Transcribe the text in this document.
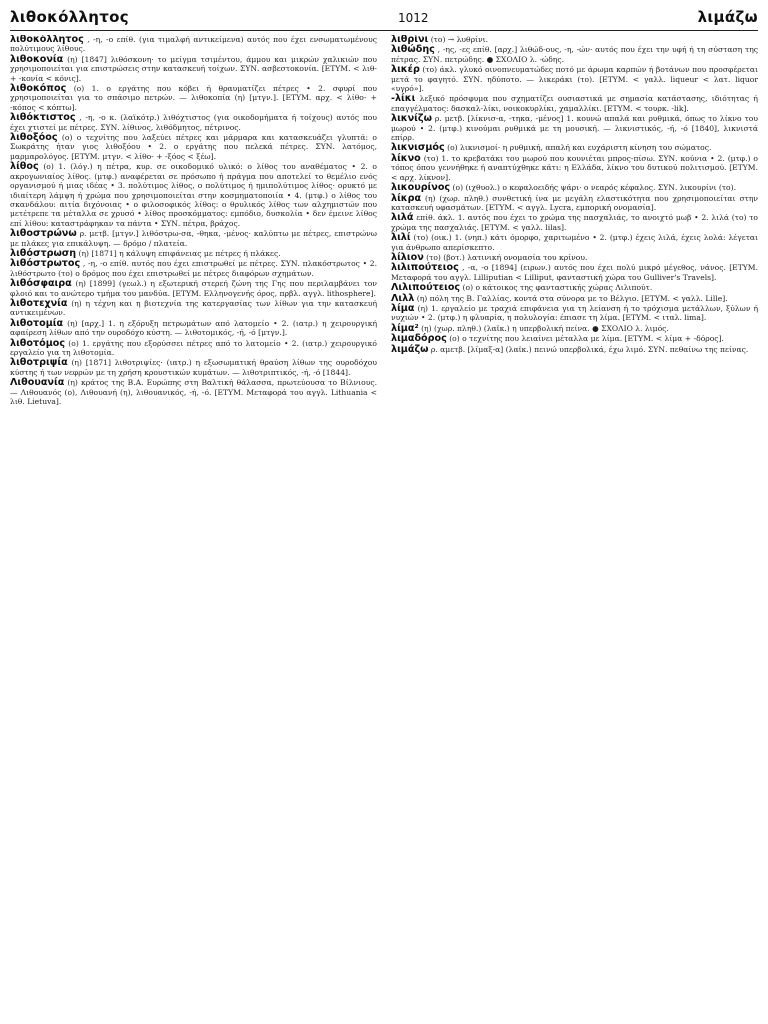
λιθοκόλλητος	1012	λιμάζω

λιθοκόλλητος , -η, -ο επίθ. (για τιμαλφή αντικείμενα) αυτός που έχει ενσωματωμένους πολύτιμους λίθους.

λιθοκονία (η) [1847] λιθόσκονη· το μείγμα τσιμέντου, άμμου και μικρών χαλικιών που χρησιμοποιείται για επιστρώσεις στην κατασκευή τοίχων. ΣΥΝ. ασβεστοκονία. [ΕΤΥΜ. < λιθ- + -κονία < κόνις].

λιθοκόπος (ο) 1. ο εργάτης που κόβει ή θραυματίζει πέτρες • 2. σφυρί που χρησιμοποιείται για το σπάσιμο πετρών. — λιθοκοπία (η) [μτγν.]. [ΕΤΥΜ. αρχ. < λίθο- + -κόπος < κόπτω].

λιθόκτιστος , -η, -ο κ. (λαϊκότρ.) λιθόχτιστος (για οικοδομήματα ή τοίχους) αυτός που έχει χτιστεί με πέτρες. ΣΥΝ. λίθινος, λιθόδμητος, πέτρινος.

λιθοξόος (ο) ο τεχνίτης που λαξεύει πέτρες και μάρμαρα και κατασκευάζει γλυπτά: ο Σωκράτης ήταν γιος λιθοξόου • 2. ο εργάτης που πελεκά πέτρες. ΣΥΝ. λατόμος, μαρμαρολόγος. [ΕΤΥΜ. μτγν. < λίθο- + -ξόος < ξέω].

λίθος (ο) 1. (λόγ.) η πέτρα, κυρ. σε οικοδομικό υλικό: ο λίθος του αναθέματος • 2. ο ακρογωνιαίος λίθος. (μτφ.) αναφέρεται σε πρόσωπο ή πράγμα που αποτελεί το θεμέλιο ενός οργανισμού ή μιας ιδέας • 3. πολύτιμος λίθος, ο πολύτιμος ή ημιπολύτιμος λίθος· ορυκτό με ιδιαίτερη λάμψη ή χρώμα που χρησιμοποιείται στην κοσμηματοποιία • 4. (μτφ.) ο λίθος του σκανδάλου: αιτία διχόνοιας • ο φιλοσοφικός λίθος: ο θρυλικός λίθος των αλχημιστών που μετέτρεπε τα μέταλλα σε χρυσό • λίθος προσκόμματος: εμπόδιο, δυσκολία • δεν έμεινε λίθος επί λίθου: καταστράφηκαν τα πάντα • ΣΥΝ. πέτρα, βράχος.

λιθοστρώνω ρ. μετβ. [μτγν.] λιθόστρω-σα, -θηκα, -μένος· καλύπτω με πέτρες, επιστρώνω με πλάκες για επικάλυψη. — δρόμο / πλατεία.

λιθόστρωση (η) [1871] η κάλυψη επιφάνειας με πέτρες ή πλάκες.

λιθόστρωτος , -η, -ο επίθ. αυτός που έχει επιστρωθεί με πέτρες. ΣΥΝ. πλακόστρωτος • 2. λιθόστρωτο (το) ο δρόμος που έχει επιστρωθεί με πέτρες διαφόρων σχημάτων.

λιθόσφαιρα (η) [1899] (γεωλ.) η εξωτερική στερεή ζώνη της Γης που περιλαμβάνει τον φλοιό και το ανώτερο τμήμα του μανδύα. [ΕΤΥΜ. Ελληνογενής όρος, πρβλ. αγγλ. lithosphere].

λιθοτεχνία (η) η τέχνη και η βιοτεχνία της κατεργασίας των λίθων για την κατασκευή αντικειμένων.

λιθοτομία (η) [αρχ.] 1. η εξόρυξη πετρωμάτων από λατομείο • 2. (ιατρ.) η χειρουργική αφαίρεση λίθων από την ουροδόχο κύστη. — λιθοτομικός, -ή, -ό [μτγν.].

λιθοτόμος (ο) 1. εργάτης που εξορύσσει πέτρες από το λατομείο • 2. (ιατρ.) χειρουργικό εργαλείο για τη λιθοτομία.

λιθοτριψία (η) [1871] λιθοτριψίες· (ιατρ.) η εξωσωματική θραύση λίθων της ουροδόχου κύστης ή των νεφρών με τη χρήση κρουστικών κυμάτων. — λιθοτριπτικός, -ή, -ό [1844].

Λιθουανία (η) κράτος της Β.Α. Ευρώπης στη Βαλτική θάλασσα, πρωτεύουσα το Βίλνιους. — Λιθουανός (ο), Λιθουανή (η), λιθουανικός, -ή, -ό. [ΕΤΥΜ. Μεταφορά του αγγλ. Lithuania < λιθ. Lietuva].

λιθρίνι (το) → λυθρίνι.

λιθώδης , -ης, -ες επίθ. [αρχ.] λιθώδ-ους, -η, -ών· αυτός που έχει την υφή ή τη σύσταση της πέτρας. ΣΥΝ. πετρώδης. ● ΣΧΟΛΙΟ λ. -ώδης.

λικέρ (το) άκλ. γλυκό οινοπνευματώδες ποτό με άρωμα καρπών ή βοτάνων που προσφέρεται μετά το φαγητό. ΣΥΝ. ηδύποτο. — λικεράκι (το). [ΕΤΥΜ. < γαλλ. liqueur < λατ. liquor «υγρό»].

-λίκι λεξικό πρόσφυμα που σχηματίζει ουσιαστικά με σημασία κατάστασης, ιδιότητας ή επαγγέλματος: δασκαλ-λίκι, νοικοκυρλίκι, χαμαλλίκι. [ΕΤΥΜ. < τουρκ. -lik].

λικνίζω ρ. μετβ. [λίκνισ-α, -τηκα, -μένος] 1. κουνώ απαλά και ρυθμικά, όπως το λίκνο του μωρού • 2. (μτφ.) κινούμαι ρυθμικά με τη μουσική. — λικνιστικός, -ή, -ό [1840], λικνιστά επίρρ.

λικνισμός (ο) λικνισμοί· η ρυθμική, απαλή και ευχάριστη κίνηση του σώματος.

λίκνο (το) 1. το κρεβατάκι του μωρού που κουνιέται μπρος-πίσω. ΣΥΝ. κούνια • 2. (μτφ.) ο τόπος όπου γεννήθηκε ή αναπτύχθηκε κάτι: η Ελλάδα, λίκνο του δυτικού πολιτισμού. [ΕΤΥΜ. < αρχ. λίκνον].

λικουρίνος (ο) (ιχθυολ.) ο κεφαλοειδής ψάρι· ο νεαρός κέφαλος. ΣΥΝ. λικουρίνι (το).

λίκρα (η) (χωρ. πληθ.) συνθετική ίνα με μεγάλη ελαστικότητα που χρησιμοποιείται στην κατασκευή υφασμάτων. [ΕΤΥΜ. < αγγλ. Lycra, εμπορική ονομασία].

λιλά επίθ. άκλ. 1. αυτός που έχει το χρώμα της πασχαλιάς, το ανοιχτό μωβ • 2. λιλά (το) το χρώμα της πασχαλιάς. [ΕΤΥΜ. < γαλλ. lilas].

λιλί (το) (οικ.) 1. (νηπ.) κάτι όμορφο, χαριτωμένο • 2. (μτφ.) έχεις λιλά, έχεις λολά: λέγεται για άνθρωπο απερίσκεπτο.

λίλιον (το) (βοτ.) λατινική ονομασία του κρίνου.

λιλιπούτειος , -α, -ο [1894] (ειρων.) αυτός που έχει πολύ μικρό μέγεθος, νάνος. [ΕΤΥΜ. Μεταφορά του αγγλ. Lilliputian < Lilliput, φανταστική χώρα του Gulliver's Travels].

Λιλιπούτειος (ο) ο κάτοικος της φανταστικής χώρας Λιλιπούτ.

Λιλλ (η) πόλη της Β. Γαλλίας, κοντά στα σύνορα με το Βέλγιο. [ΕΤΥΜ. < γαλλ. Lille].

λίμα (η) 1. εργαλείο με τραχιά επιφάνεια για τη λείανση ή το τρόχισμα μετάλλων, ξύλων ή νυχιών • 2. (μτφ.) η φλυαρία, η πολυλογία: έπιασε τη λίμα. [ΕΤΥΜ. < ιταλ. lima].

λίμα² (η) (χωρ. πληθ.) (λαϊκ.) η υπερβολική πείνα. ● ΣΧΟΛΙΟ λ. λιμός.

λιμαδόρος (ο) ο τεχνίτης που λειαίνει μέταλλα με λίμα. [ΕΤΥΜ. < λίμα + -δόρος].

λιμάζω ρ. αμετβ. [λίμαξ-α] (λαϊκ.) πεινώ υπερβολικά, έχω λιμό. ΣΥΝ. πεθαίνω της πείνας.
